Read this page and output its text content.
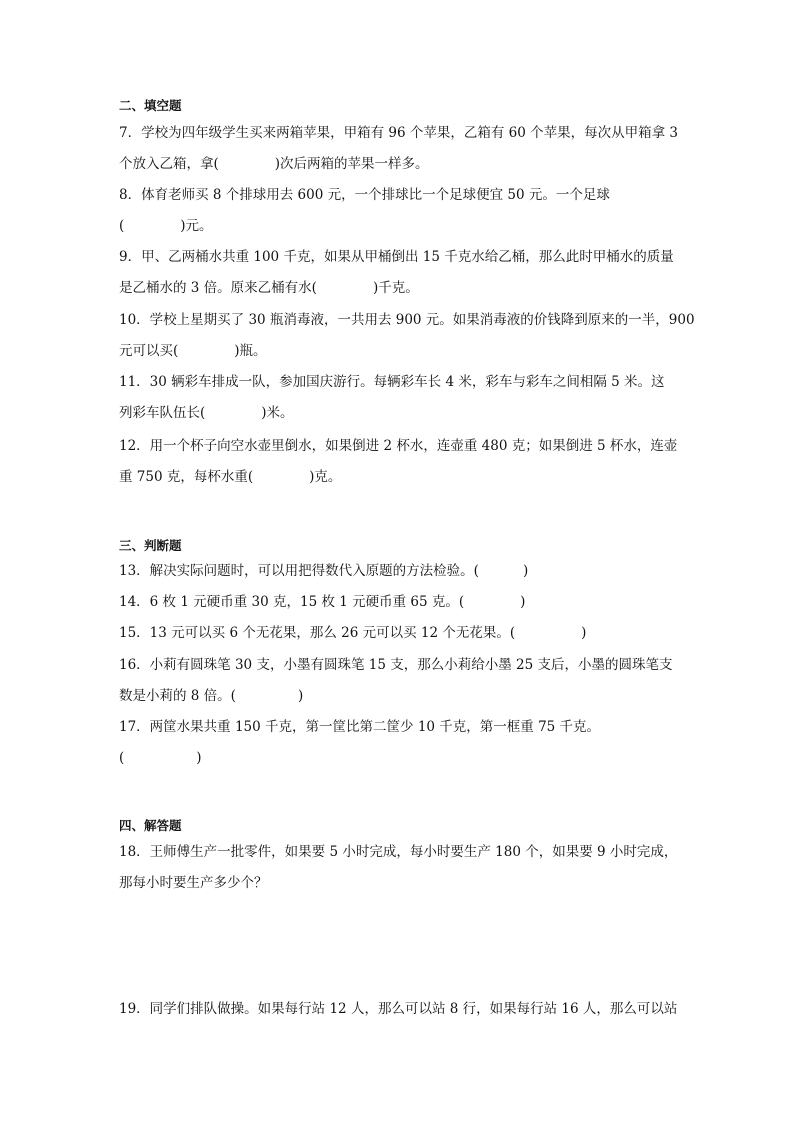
二、填空题
7．学校为四年级学生买来两箱苹果，甲箱有 96 个苹果，乙箱有 60 个苹果，每次从甲箱拿 3
个放入乙箱，拿(	)次后两箱的苹果一样多。
8．体育老师买 8 个排球用去 600 元，一个排球比一个足球便宜 50 元。一个足球
(	)元。
9．甲、乙两桶水共重 100 千克，如果从甲桶倒出 15 千克水给乙桶，那么此时甲桶水的质量
是乙桶水的 3 倍。原来乙桶有水(	)千克。
10．学校上星期买了 30 瓶消毒液，一共用去 900 元。如果消毒液的价钱降到原来的一半，900
元可以买(	)瓶。
11．30 辆彩车排成一队，参加国庆游行。每辆彩车长 4 米，彩车与彩车之间相隔 5 米。这
列彩车队伍长(	)米。
12．用一个杯子向空水壶里倒水，如果倒进 2 杯水，连壶重 480 克；如果倒进 5 杯水，连壶
重 750 克，每杯水重(	)克。
三、判断题
13．解决实际问题时，可以用把得数代入原题的方法检验。(	)
14．6 枚 1 元硬币重 30 克，15 枚 1 元硬币重 65 克。(	)
15．13 元可以买 6 个无花果，那么 26 元可以买 12 个无花果。(	)
16．小莉有圆珠笔 30 支，小墨有圆珠笔 15 支，那么小莉给小墨 25 支后，小墨的圆珠笔支
数是小莉的 8 倍。(	)
17．两筐水果共重 150 千克，第一筐比第二筐少 10 千克，第一框重 75 千克。
(	)
四、解答题
18．王师傅生产一批零件，如果要 5 小时完成，每小时要生产 180 个，如果要 9 小时完成，
那每小时要生产多少个？
19．同学们排队做操。如果每行站 12 人，那么可以站 8 行，如果每行站 16 人，那么可以站
